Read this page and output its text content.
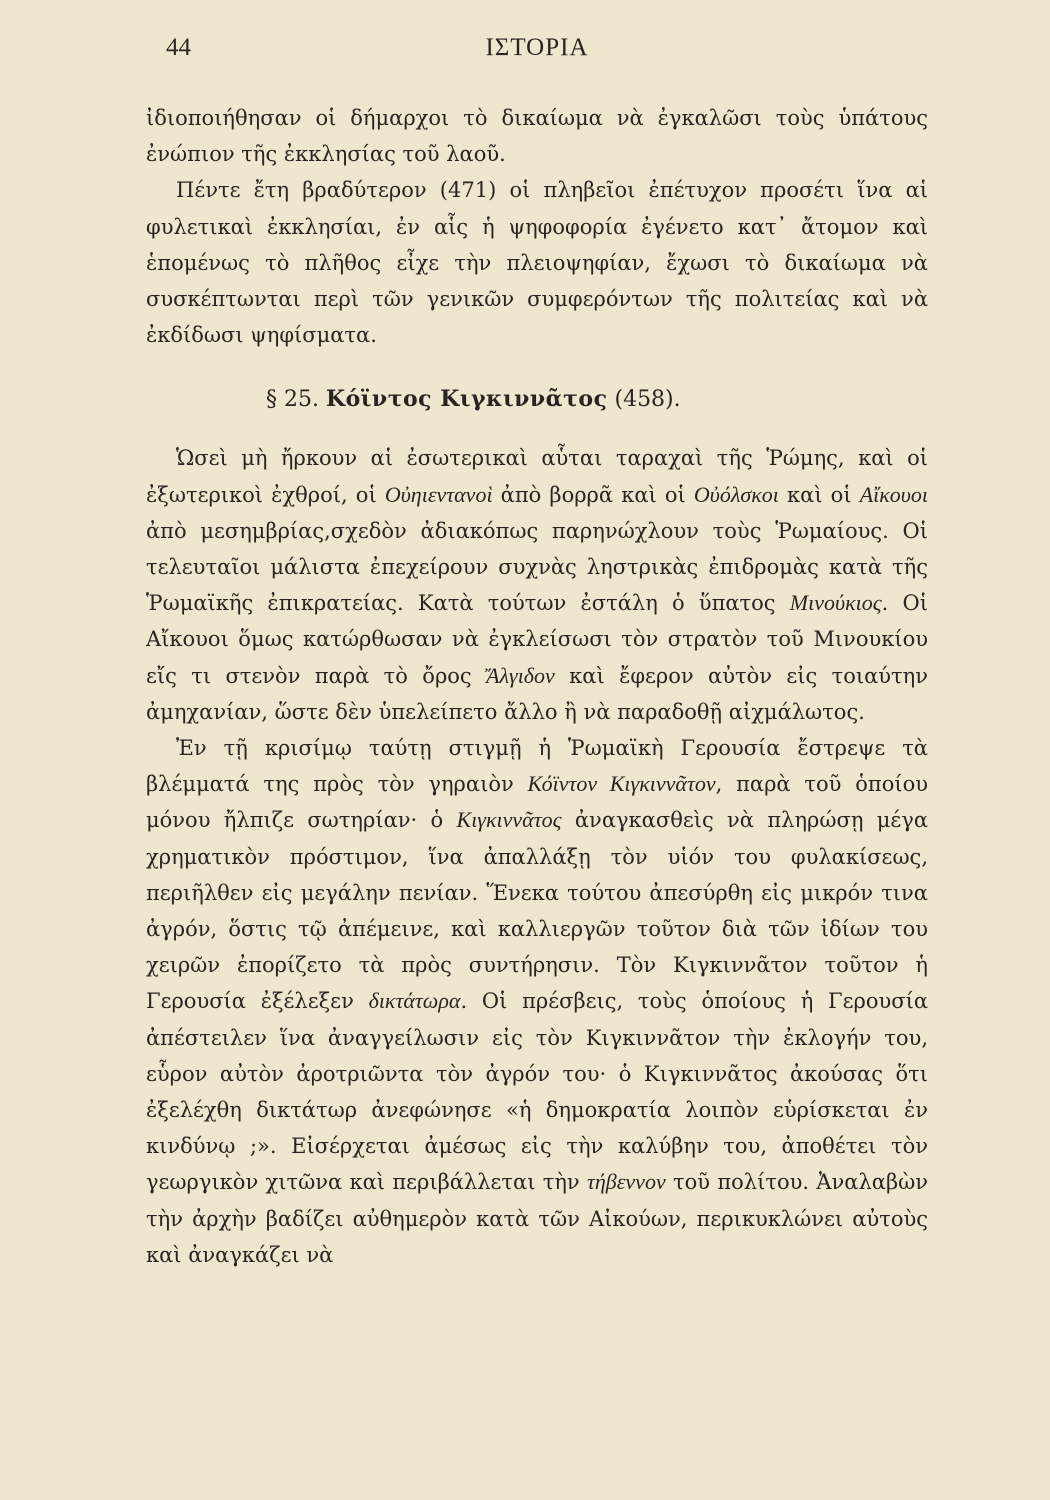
44	ΙΣΤΟΡΙΑ

ἰδιοποιήθησαν οἱ δήμαρχοι τὸ δικαίωμα νὰ ἐγκαλῶσι τοὺς ὑπάτους ἐνώπιον τῆς ἐκκλησίας τοῦ λαοῦ.

Πέντε ἔτη βραδύτερον (471) οἱ πληβεῖοι ἐπέτυχον προσέτι ἵνα αἱ φυλετικαὶ ἐκκλησίαι, ἐν αἷς ἡ ψηφοφορία ἐγένετο κατ᾽ ἄτομον καὶ ἑπομένως τὸ πλῆθος εἶχε τὴν πλειοψηφίαν, ἔχωσι τὸ δικαίωμα νὰ συσκέπτωνται περὶ τῶν γενικῶν συμφερόντων τῆς πολιτείας καὶ νὰ ἐκδίδωσι ψηφίσματα.

§ 25. Κόϊντος Κιγκιννᾶτος (458).

Ὡσεὶ μὴ ἤρκουν αἱ ἐσωτερικαὶ αὗται ταραχαὶ τῆς Ῥώμης, καὶ οἱ ἐξωτερικοὶ ἐχθροί, οἱ Οὐηιεντανοὶ ἀπὸ βορρᾶ καὶ οἱ Οὐόλσκοι καὶ οἱ Αἴκουοι ἀπὸ μεσημβρίας,σχεδὸν ἀδιακόπως παρηνώχλουν τοὺς Ῥωμαίους. Οἱ τελευταῖοι μάλιστα ἐπεχείρουν συχνὰς ληστρικὰς ἐπιδρομὰς κατὰ τῆς Ῥωμαϊκῆς ἐπικρατείας. Κατὰ τούτων ἐστάλη ὁ ὕπατος Μινούκιος. Οἱ Αἴκουοι ὅμως κατώρθωσαν νὰ ἐγκλείσωσι τὸν στρατὸν τοῦ Μινουκίου εἴς τι στενὸν παρὰ τὸ ὄρος Ἄλγιδον καὶ ἔφερον αὐτὸν εἰς τοιαύτην ἀμηχανίαν, ὥστε δὲν ὑπελείπετο ἄλλο ἢ νὰ παραδοθῇ αἰχμάλωτος.

Ἐν τῇ κρισίμῳ ταύτῃ στιγμῇ ἡ Ῥωμαϊκὴ Γερουσία ἔστρεψε τὰ βλέμματά της πρὸς τὸν γηραιὸν Κόϊντον Κιγκιννᾶτον, παρὰ τοῦ ὁποίου μόνου ἤλπιζε σωτηρίαν· ὁ Κιγκιννᾶτος ἀναγκασθεὶς νὰ πληρώσῃ μέγα χρηματικὸν πρόστιμον, ἵνα ἀπαλλάξῃ τὸν υἱόν του φυλακίσεως, περιῆλθεν εἰς μεγάλην πενίαν. Ἕνεκα τούτου ἀπεσύρθη εἰς μικρόν τινα ἀγρόν, ὅστις τῷ ἀπέμεινε, καὶ καλλιεργῶν τοῦτον διὰ τῶν ἰδίων του χειρῶν ἐπορίζετο τὰ πρὸς συντήρησιν. Τὸν Κιγκιννᾶτον τοῦτον ἡ Γερουσία ἐξέλεξεν δικτάτωρα. Οἱ πρέσβεις, τοὺς ὁποίους ἡ Γερουσία ἀπέστειλεν ἵνα ἀναγγείλωσιν εἰς τὸν Κιγκιννᾶτον τὴν ἐκλογήν του, εὗρον αὐτὸν ἀροτριῶντα τὸν ἀγρόν του· ὁ Κιγκιννᾶτος ἀκούσας ὅτι ἐξελέχθη δικτάτωρ ἀνεφώνησε «ἡ δημοκρατία λοιπὸν εὑρίσκεται ἐν κινδύνῳ ;». Εἰσέρχεται ἀμέσως εἰς τὴν καλύβην του, ἀποθέτει τὸν γεωργικὸν χιτῶνα καὶ περιβάλλεται τὴν τήβεννον τοῦ πολίτου. Ἀναλαβὼν τὴν ἀρχὴν βαδίζει αὐθημερὸν κατὰ τῶν Αἰκούων, περικυκλώνει αὐτοὺς καὶ ἀναγκάζει νὰ
